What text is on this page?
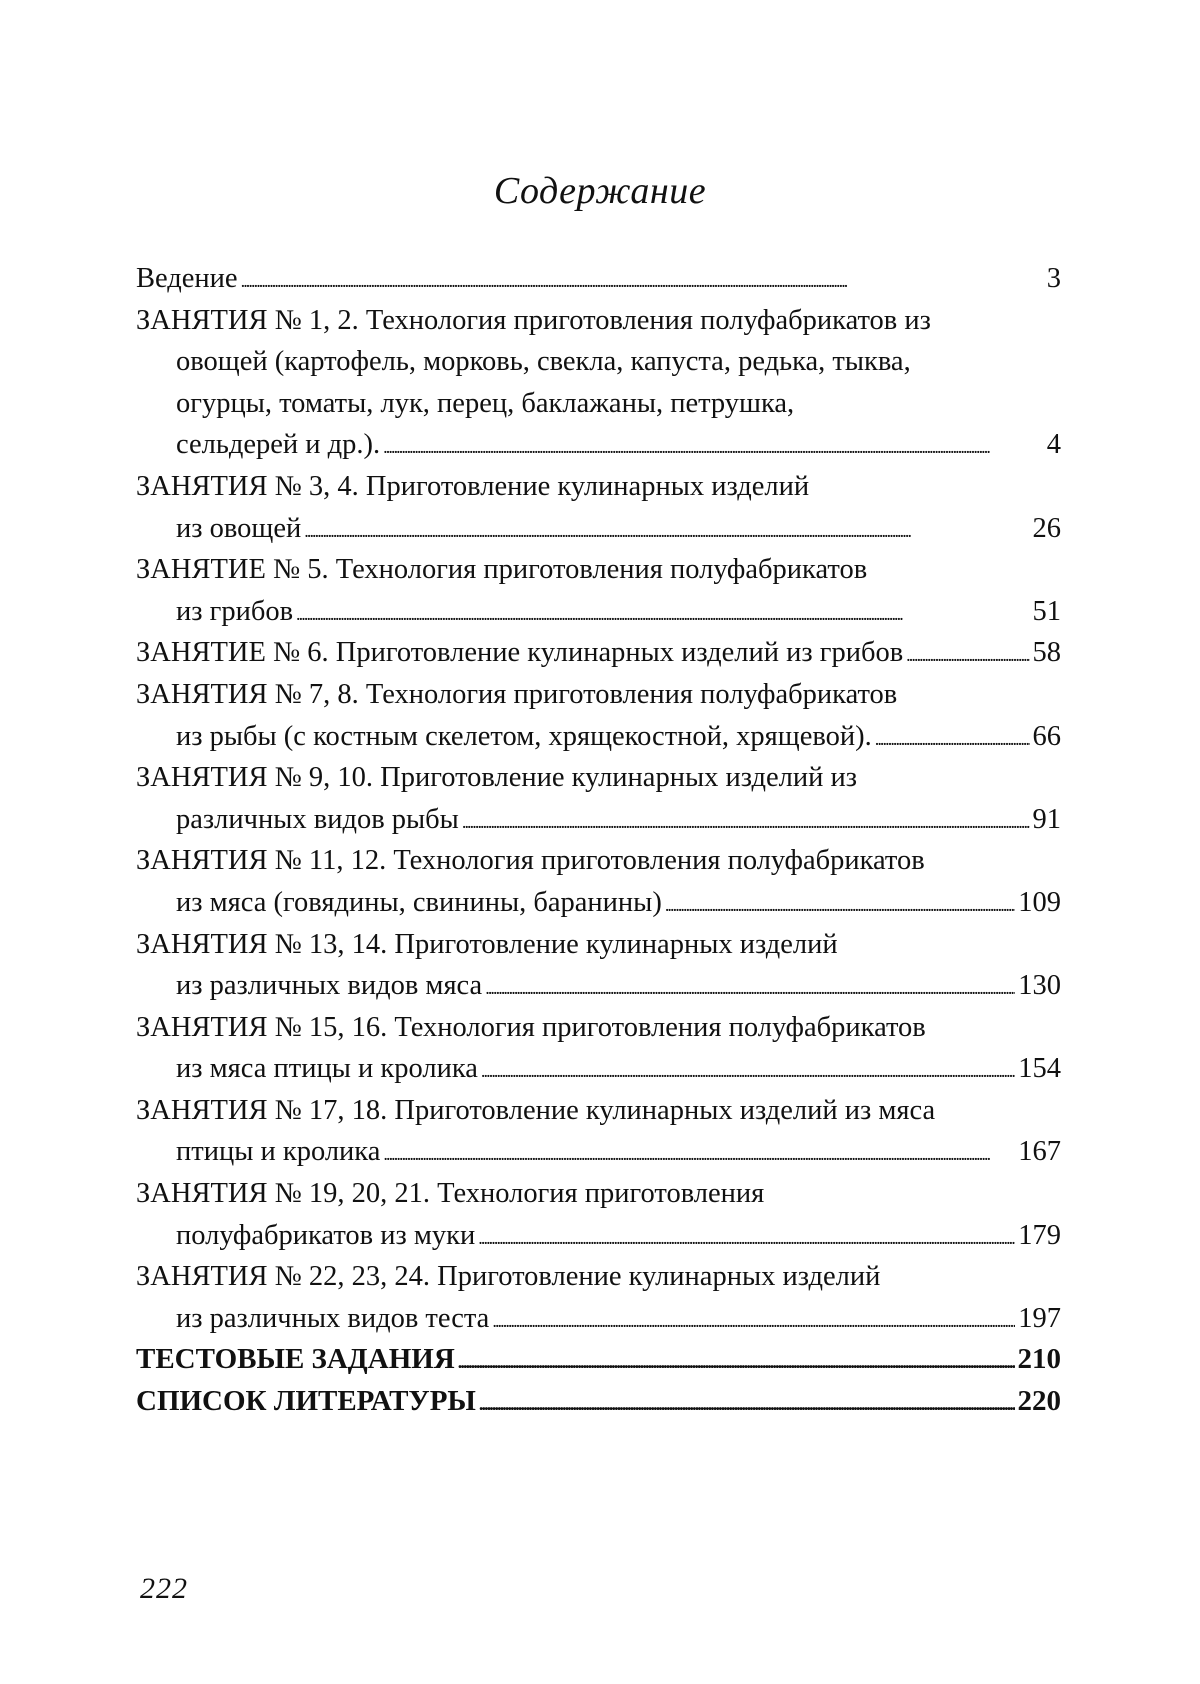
Содержание
Ведение . . .	3
ЗАНЯТИЯ № 1, 2. Технология приготовления полуфабрикатов из
овощей (картофель, морковь, свекла, капуста, редька, тыква,
огурцы, томаты, лук, перец, баклажаны, петрушка,
сельдерей и др.). . . .	4
ЗАНЯТИЯ № 3, 4. Приготовление кулинарных изделий
из овощей . . .	26
ЗАНЯТИЕ № 5. Технология приготовления полуфабрикатов
из грибов . . .	51
ЗАНЯТИЕ № 6. Приготовление кулинарных изделий из грибов . . .	58
ЗАНЯТИЯ № 7, 8. Технология приготовления полуфабрикатов
из рыбы (с костным скелетом, хрящекостной, хрящевой). . . .	66
ЗАНЯТИЯ № 9, 10. Приготовление кулинарных изделий из
различных видов рыбы . . .	91
ЗАНЯТИЯ № 11, 12. Технология приготовления полуфабрикатов
из мяса (говядины, свинины, баранины) . . .	109
ЗАНЯТИЯ № 13, 14. Приготовление кулинарных изделий
из различных видов мяса . . .	130
ЗАНЯТИЯ № 15, 16. Технология приготовления полуфабрикатов
из мяса птицы и кролика . . .	154
ЗАНЯТИЯ № 17, 18. Приготовление кулинарных изделий из мяса
птицы и кролика . . .	167
ЗАНЯТИЯ № 19, 20, 21. Технология приготовления
полуфабрикатов из муки . . .	179
ЗАНЯТИЯ № 22, 23, 24. Приготовление кулинарных изделий
из различных видов теста . . .	197
ТЕСТОВЫЕ ЗАДАНИЯ . . .	210
СПИСОК ЛИТЕРАТУРЫ . . .	220
222
